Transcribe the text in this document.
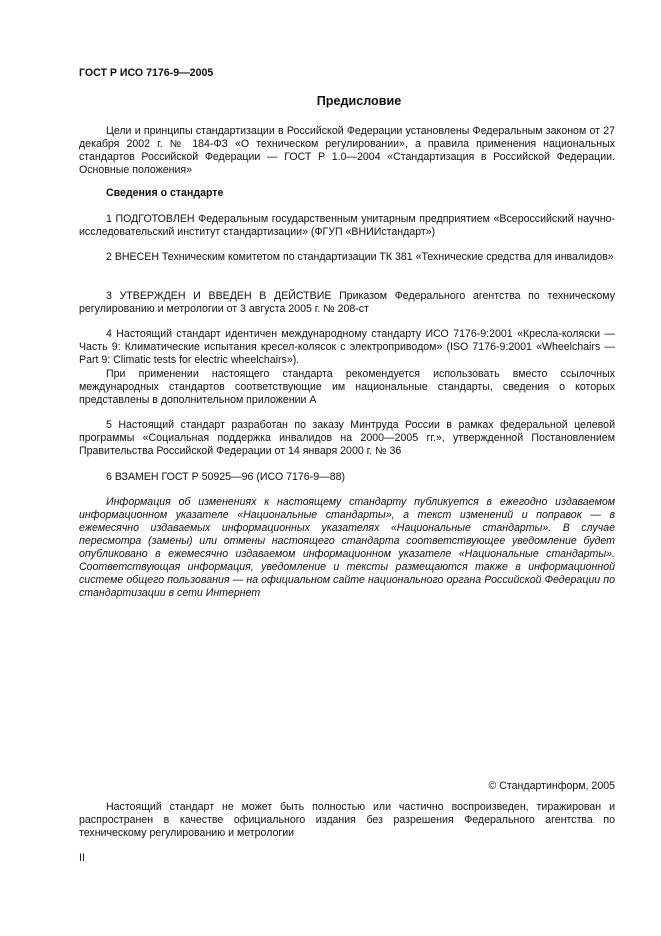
ГОСТ Р ИСО 7176-9—2005
Предисловие

Цели и принципы стандартизации в Российской Федерации установлены Федеральным законом от 27 декабря 2002 г. № 184-ФЗ «О техническом регулировании», а правила применения национальных стандартов Российской Федерации — ГОСТ Р 1.0—2004 «Стандартизация в Российской Федерации. Основные положения»

Сведения о стандарте

1 ПОДГОТОВЛЕН Федеральным государственным унитарным предприятием «Всероссийский научно-исследовательский институт стандартизации» (ФГУП «ВНИИстандарт»)

2 ВНЕСЕН Техническим комитетом по стандартизации ТК 381 «Технические средства для инвалидов»

3 УТВЕРЖДЕН И ВВЕДЕН В ДЕЙСТВИЕ Приказом Федерального агентства по техническому регулированию и метрологии от 3 августа 2005 г. № 208-ст

4 Настоящий стандарт идентичен международному стандарту ИСО 7176-9:2001 «Кресла-коляски — Часть 9: Климатические испытания кресел-колясок с электроприводом» (ISO 7176-9:2001 «Wheelchairs — Part 9: Climatic tests for electric wheelchairs»).

При применении настоящего стандарта рекомендуется использовать вместо ссылочных международных стандартов соответствующие им национальные стандарты, сведения о которых представлены в дополнительном приложении А

5 Настоящий стандарт разработан по заказу Минтруда России в рамках федеральной целевой программы «Социальная поддержка инвалидов на 2000—2005 гг.», утвержденной Постановлением Правительства Российской Федерации от 14 января 2000 г. № 36

6 ВЗАМЕН ГОСТ Р 50925—96 (ИСО 7176-9—88)

Информация об изменениях к настоящему стандарту публикуется в ежегодно издаваемом информационном указателе «Национальные стандарты», а текст изменений и поправок — в ежемесячно издаваемых информационных указателях «Национальные стандарты». В случае пересмотра (замены) или отмены настоящего стандарта соответствующее уведомление будет опубликовано в ежемесячно издаваемом информационном указателе «Национальные стандарты». Соответствующая информация, уведомление и тексты размещаются также в информационной системе общего пользования — на официальном сайте национального органа Российской Федерации по стандартизации в сети Интернет

© Стандартинформ, 2005

Настоящий стандарт не может быть полностью или частично воспроизведен, тиражирован и распространен в качестве официального издания без разрешения Федерального агентства по техническому регулированию и метрологии

II
